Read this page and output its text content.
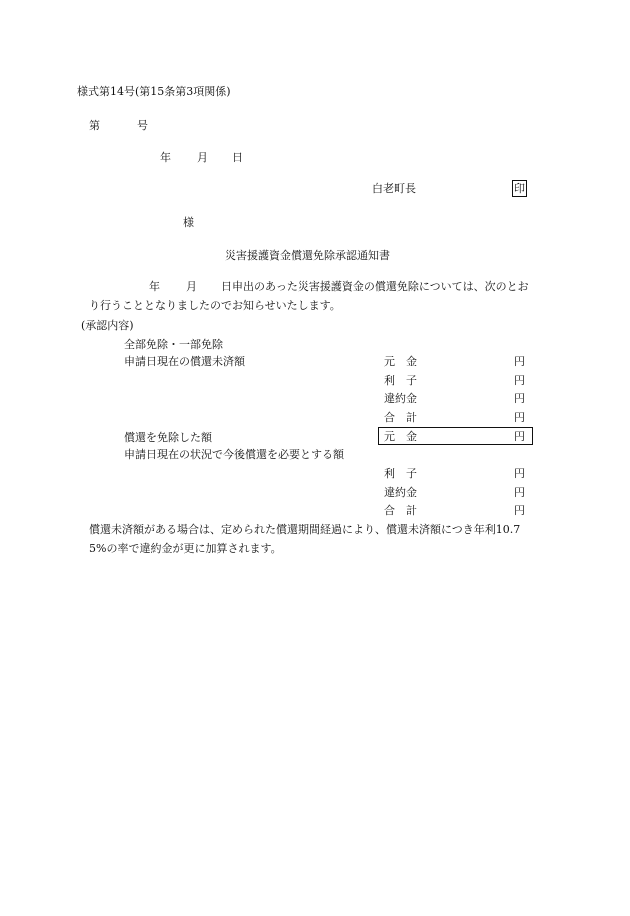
様式第14号(第15条第3項関係)
第	号
年 月 日
白老町長	印
様
災害援護資金償還免除承認通知書
年 月 日申出のあった災害援護資金の償還免除については、次のとお
り行うこととなりましたのでお知らせいたします。
(承認内容)
全部免除・一部免除
申請日現在の償還未済額	元　金	円
利　子	円
違約金	円
合　計	円
償還を免除した額	元　金	円
申請日現在の状況で今後償還を必要とする額
利　子	円
違約金	円
合　計	円
償還未済額がある場合は、定められた償還期間経過により、償還未済額につき年利10.7
5%の率で違約金が更に加算されます。
